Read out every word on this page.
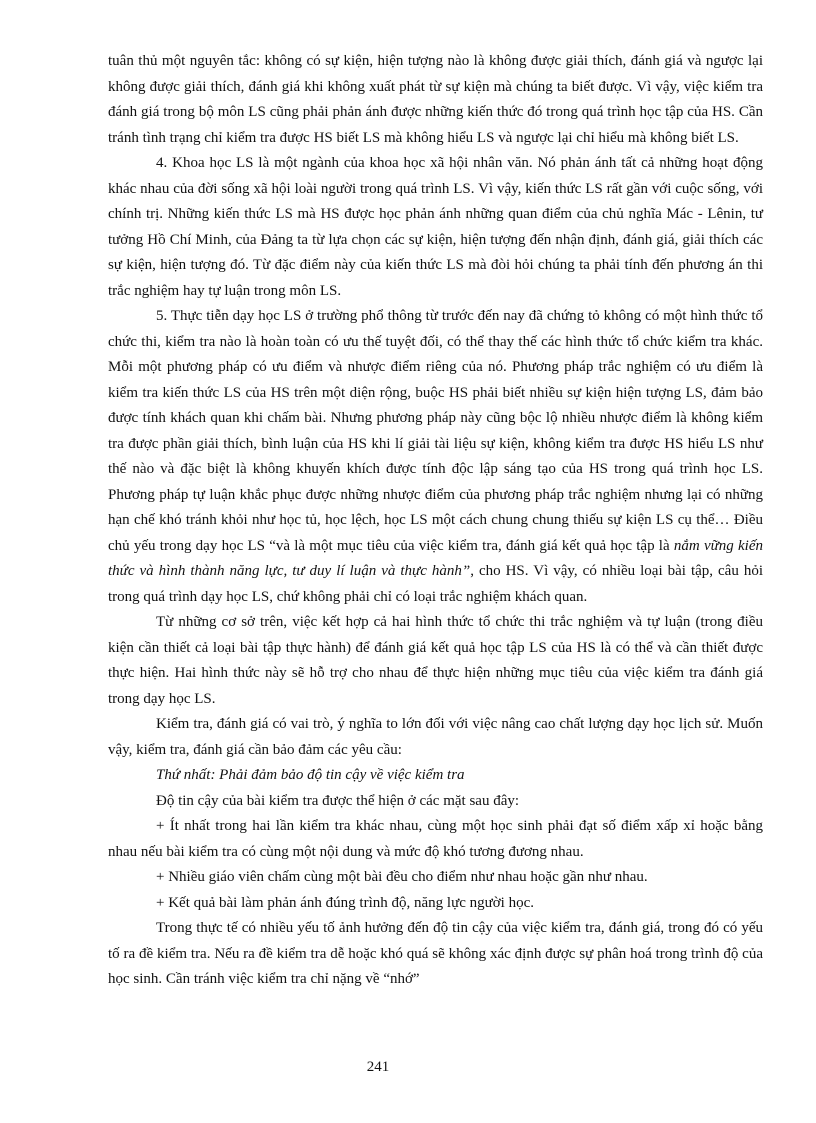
tuân thủ một nguyên tắc: không có sự kiện, hiện tượng nào là không được giải thích, đánh giá và ngược lại không được giải thích, đánh giá khi không xuất phát từ sự kiện mà chúng ta biết được. Vì vậy, việc kiểm tra đánh giá trong bộ môn LS cũng phải phản ánh được những kiến thức đó trong quá trình học tập của HS. Cần tránh tình trạng chỉ kiểm tra được HS biết LS mà không hiểu LS và ngược lại chỉ hiểu mà không biết LS.

4. Khoa học LS là một ngành của khoa học xã hội nhân văn. Nó phản ánh tất cả những hoạt động khác nhau của đời sống xã hội loài người trong quá trình LS. Vì vậy, kiến thức LS rất gần với cuộc sống, với chính trị. Những kiến thức LS mà HS được học phản ánh những quan điểm của chủ nghĩa Mác - Lênin, tư tưởng Hồ Chí Minh, của Đảng ta từ lựa chọn các sự kiện, hiện tượng đến nhận định, đánh giá, giải thích các sự kiện, hiện tượng đó. Từ đặc điểm này của kiến thức LS mà đòi hỏi chúng ta phải tính đến phương án thi trắc nghiệm hay tự luận trong môn LS.

5. Thực tiễn dạy học LS ở trường phổ thông từ trước đến nay đã chứng tỏ không có một hình thức tổ chức thi, kiểm tra nào là hoàn toàn có ưu thế tuyệt đối, có thể thay thế các hình thức tổ chức kiểm tra khác. Mỗi một phương pháp có ưu điểm và nhược điểm riêng của nó. Phương pháp trắc nghiệm có ưu điểm là kiểm tra kiến thức LS của HS trên một diện rộng, buộc HS phải biết nhiều sự kiện hiện tượng LS, đảm bảo được tính khách quan khi chấm bài. Nhưng phương pháp này cũng bộc lộ nhiều nhược điểm là không kiểm tra được phần giải thích, bình luận của HS khi lí giải tài liệu sự kiện, không kiểm tra được HS hiểu LS như thế nào và đặc biệt là không khuyến khích được tính độc lập sáng tạo của HS trong quá trình học LS. Phương pháp tự luận khắc phục được những nhược điểm của phương pháp trắc nghiệm nhưng lại có những hạn chế khó tránh khỏi như học tủ, học lệch, học LS một cách chung chung thiếu sự kiện LS cụ thể… Điều chủ yếu trong dạy học LS “và là một mục tiêu của việc kiểm tra, đánh giá kết quả học tập là nắm vững kiến thức và hình thành năng lực, tư duy lí luận và thực hành”, cho HS. Vì vậy, có nhiều loại bài tập, câu hỏi trong quá trình dạy học LS, chứ không phải chỉ có loại trắc nghiệm khách quan.

Từ những cơ sở trên, việc kết hợp cả hai hình thức tổ chức thi trắc nghiệm và tự luận (trong điều kiện cần thiết cả loại bài tập thực hành) để đánh giá kết quả học tập LS của HS là có thể và cần thiết được thực hiện. Hai hình thức này sẽ hỗ trợ cho nhau để thực hiện những mục tiêu của việc kiểm tra đánh giá trong dạy học LS.

Kiểm tra, đánh giá có vai trò, ý nghĩa to lớn đối với việc nâng cao chất lượng dạy học lịch sử. Muốn vậy, kiểm tra, đánh giá cần bảo đảm các yêu cầu:

Thứ nhất: Phải đảm bảo độ tin cậy về việc kiểm tra

Độ tin cậy của bài kiểm tra được thể hiện ở các mặt sau đây:

+ Ít nhất trong hai lần kiểm tra khác nhau, cùng một học sinh phải đạt số điểm xấp xỉ hoặc bằng nhau nếu bài kiểm tra có cùng một nội dung và mức độ khó tương đương nhau.

+ Nhiều giáo viên chấm cùng một bài đều cho điểm như nhau hoặc gần như nhau.

+ Kết quả bài làm phản ánh đúng trình độ, năng lực người học.

Trong thực tế có nhiều yếu tố ảnh hưởng đến độ tin cậy của việc kiểm tra, đánh giá, trong đó có yếu tố ra đề kiểm tra. Nếu ra đề kiểm tra dễ hoặc khó quá sẽ không xác định được sự phân hoá trong trình độ của học sinh. Cần tránh việc kiểm tra chỉ nặng về “nhớ”

241
